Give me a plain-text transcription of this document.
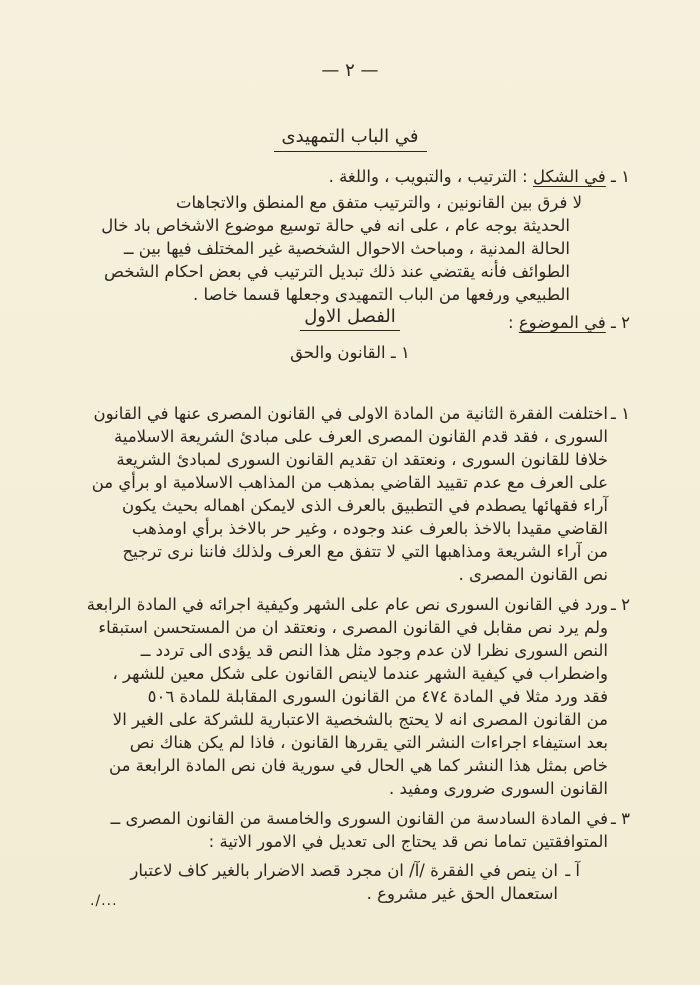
— ٢ —
في الباب التمهيدى
١ ـ في الشكل : الترتيب ، والتبويب ، واللغة .
لا فرق بين القانونين ، والترتيب متفق مع المنطق والاتجاهات
الحديثة بوجه عام ، على انه في حالة توسيع موضوع الاشخاص باد خال
الحالة المدنية ، ومباحث الاحوال الشخصية غير المختلف فيها بين ــ
الطوائف فأنه يقتضي عند ذلك تبديل الترتيب في بعض احكام الشخص
الطبيعي ورفعها من الباب التمهيدى وجعلها قسما خاصا .
٢ ـ في الموضوع :
الفصل الاول
١ ـ القانون والحق
١ ـ
اختلفت الفقرة الثانية من المادة الاولى في القانون المصرى عنها في القانون
السورى ، فقد قدم القانون المصرى العرف على مبادئ الشريعة الاسلامية
خلافا للقانون السورى ، ونعتقد ان تقديم القانون السورى لمبادئ الشريعة
على العرف مع عدم تقييد القاضي بمذهب من المذاهب الاسلامية او برأي من
آراء فقهائها يصطدم في التطبيق بالعرف الذى لايمكن اهماله بحيث يكون
القاضي مقيدا بالاخذ بالعرف عند وجوده ، وغير حر بالاخذ برأي اومذهب
من آراء الشريعة ومذاهبها التي لا تتفق مع العرف ولذلك فاننا نرى ترجيح
نص القانون المصرى .
٢ ـ
ورد في القانون السورى نص عام على الشهر وكيفية اجرائه في المادة الرابعة
ولم يرد نص مقابل في القانون المصرى ، ونعتقد ان من المستحسن استبقاء
النص السورى نظرا لان عدم وجود مثل هذا النص قد يؤدى الى تردد ــ
واضطراب في كيفية الشهر عندما لاينص القانون على شكل معين للشهر ،
فقد ورد مثلا في المادة ٤٧٤ من القانون السورى المقابلة للمادة ٥٠٦
من القانون المصرى انه لا يحتج بالشخصية الاعتبارية للشركة على الغير الا
بعد استيفاء اجراءات النشر التي يقررها القانون ، فاذا لم يكن هناك نص
خاص بمثل هذا النشر كما هي الحال في سورية فان نص المادة الرابعة من
القانون السورى ضرورى ومفيد .
٣ ـ
في المادة السادسة من القانون السورى والخامسة من القانون المصرى ــ
المتوافقتين تماما نص قد يحتاج الى تعديل في الامور الاتية :
آ ـ
ان ينص في الفقرة /آ/ ان مجرد قصد الاضرار بالغير كاف لاعتبار
استعمال الحق غير مشروع .
./...
